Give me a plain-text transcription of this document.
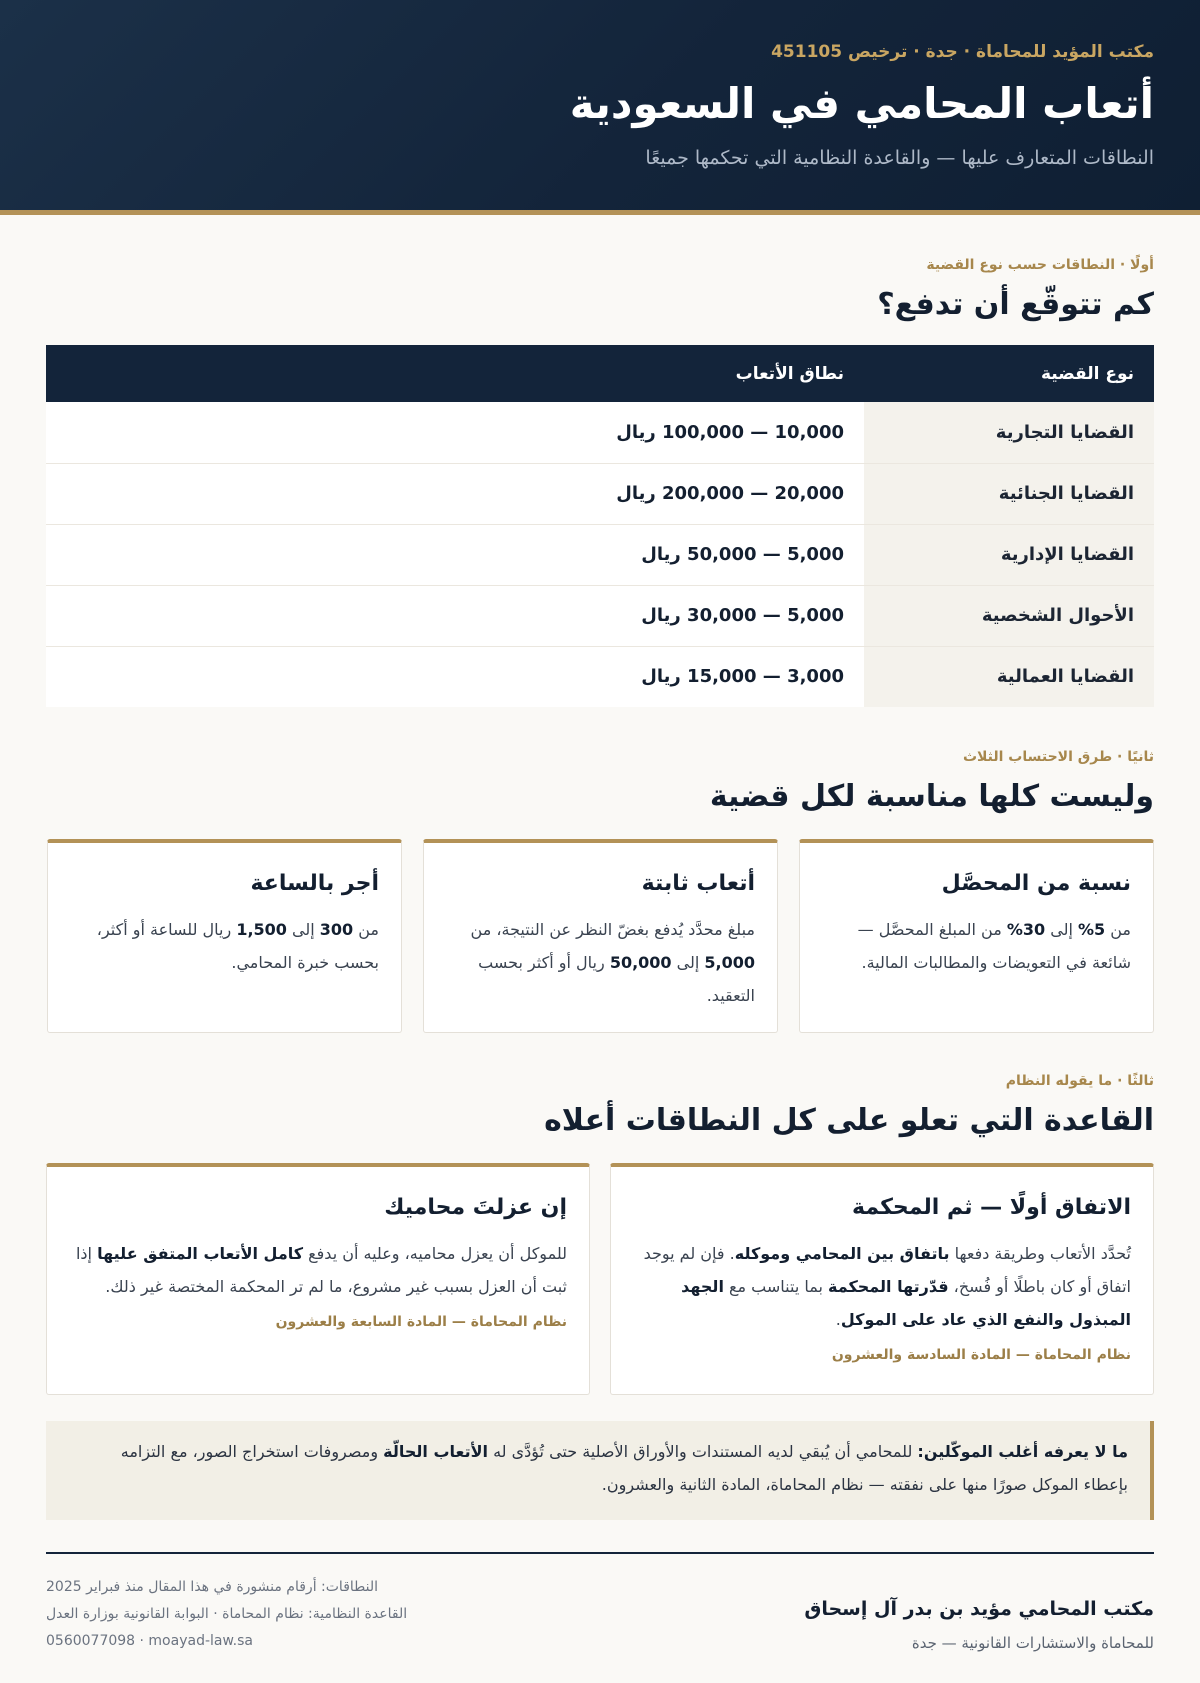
مكتب المؤيد للمحاماة · جدة · ترخيص 451105
أتعاب المحامي في السعودية
النطاقات المتعارف عليها — والقاعدة النظامية التي تحكمها جميعًا
أولًا · النطاقات حسب نوع القضية
كم تتوقّع أن تدفع؟
نوع القضية	نطاق الأتعاب
القضايا التجارية	10,000 — 100,000 ريال
القضايا الجنائية	20,000 — 200,000 ريال
القضايا الإدارية	5,000 — 50,000 ريال
الأحوال الشخصية	5,000 — 30,000 ريال
القضايا العمالية	3,000 — 15,000 ريال
ثانيًا · طرق الاحتساب الثلاث
وليست كلها مناسبة لكل قضية
نسبة من المحصَّل

من 5% إلى 30% من المبلغ المحصَّل — شائعة في التعويضات والمطالبات المالية.

أتعاب ثابتة

مبلغ محدَّد يُدفع بغضّ النظر عن النتيجة، من 5,000 إلى 50,000 ريال أو أكثر بحسب التعقيد.

أجر بالساعة

من 300 إلى 1,500 ريال للساعة أو أكثر، بحسب خبرة المحامي.

ثالثًا · ما يقوله النظام
القاعدة التي تعلو على كل النطاقات أعلاه
الاتفاق أولًا — ثم المحكمة

تُحدَّد الأتعاب وطريقة دفعها باتفاق بين المحامي وموكله. فإن لم يوجد اتفاق أو كان باطلًا أو فُسخ، قدّرتها المحكمة بما يتناسب مع الجهد المبذول والنفع الذي عاد على الموكل.

نظام المحاماة — المادة السادسة والعشرون
إن عزلتَ محاميك

للموكل أن يعزل محاميه، وعليه أن يدفع كامل الأتعاب المتفق عليها إذا ثبت أن العزل بسبب غير مشروع، ما لم تر المحكمة المختصة غير ذلك.

نظام المحاماة — المادة السابعة والعشرون
ما لا يعرفه أغلب الموكّلين: للمحامي أن يُبقي لديه المستندات والأوراق الأصلية حتى تُؤدَّى له الأتعاب الحالّة ومصروفات استخراج الصور، مع التزامه بإعطاء الموكل صورًا منها على نفقته — نظام المحاماة، المادة الثانية والعشرون.
مكتب المحامي مؤيد بن بدر آل إسحاق
للمحاماة والاستشارات القانونية — جدة
النطاقات: أرقام منشورة في هذا المقال منذ فبراير 2025
القاعدة النظامية: نظام المحاماة · البوابة القانونية بوزارة العدل
0560077098 · moayad-law.sa
